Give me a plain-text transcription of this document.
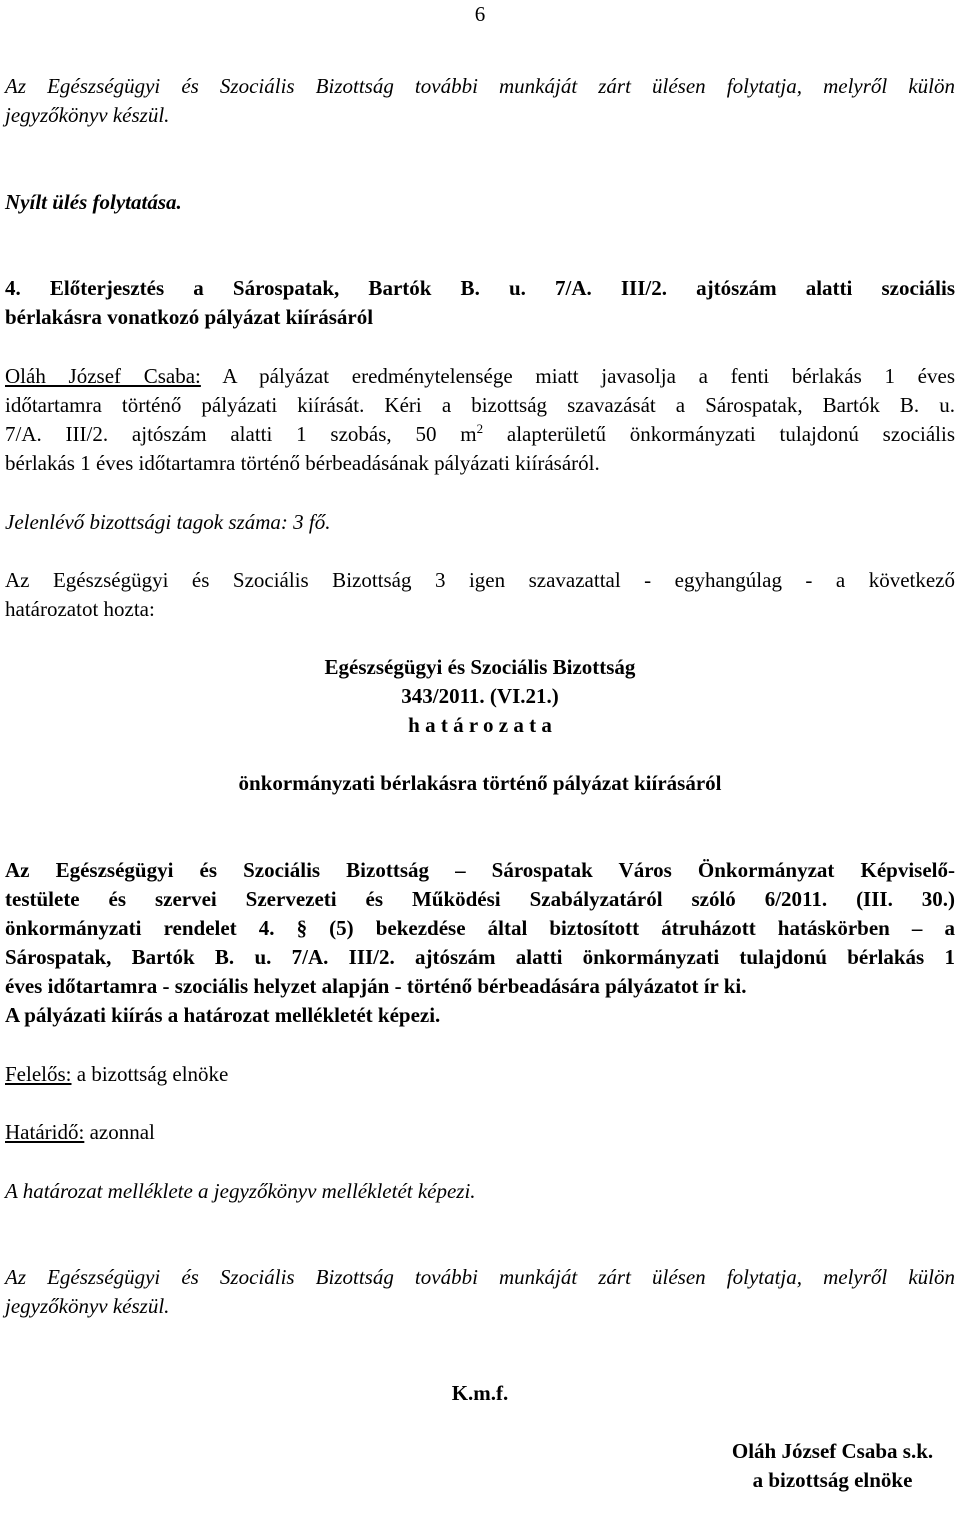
6
Az Egészségügyi és Szociális Bizottság további munkáját zárt ülésen folytatja, melyről külön
jegyzőkönyv készül.
Nyílt ülés folytatása.
4. Előterjesztés a Sárospatak, Bartók B. u. 7/A. III/2. ajtószám alatti szociális
bérlakásra vonatkozó pályázat kiírásáról
Oláh József Csaba: A pályázat eredménytelensége miatt javasolja a fenti bérlakás 1 éves
időtartamra történő pályázati kiírását. Kéri a bizottság szavazását a Sárospatak, Bartók B. u.
7/A. III/2. ajtószám alatti 1 szobás, 50 $m^2$ alapterületű önkormányzati tulajdonú szociális
bérlakás 1 éves időtartamra történő bérbeadásának pályázati kiírásáról.
Jelenlévő bizottsági tagok száma: 3 fő.
Az Egészségügyi és Szociális Bizottság 3 igen szavazattal - egyhangúlag - a következő
határozatot hozta:
Egészségügyi és Szociális Bizottság
343/2011. (VI.21.)
h a t á r o z a t a
önkormányzati bérlakásra történő pályázat kiírásáról
Az Egészségügyi és Szociális Bizottság – Sárospatak Város Önkormányzat Képviselő-
testülete és szervei Szervezeti és Működési Szabályzatáról szóló 6/2011. (III. 30.)
önkormányzati rendelet 4. § (5) bekezdése által biztosított átruházott hatáskörben – a
Sárospatak, Bartók B. u. 7/A. III/2. ajtószám alatti önkormányzati tulajdonú bérlakás 1
éves időtartamra - szociális helyzet alapján - történő bérbeadására pályázatot ír ki.
A pályázati kiírás a határozat mellékletét képezi.
Felelős: a bizottság elnöke
Határidő: azonnal
A határozat melléklete a jegyzőkönyv mellékletét képezi.
Az Egészségügyi és Szociális Bizottság további munkáját zárt ülésen folytatja, melyről külön
jegyzőkönyv készül.
K.m.f.
Oláh József Csaba s.k.
a bizottság elnöke
